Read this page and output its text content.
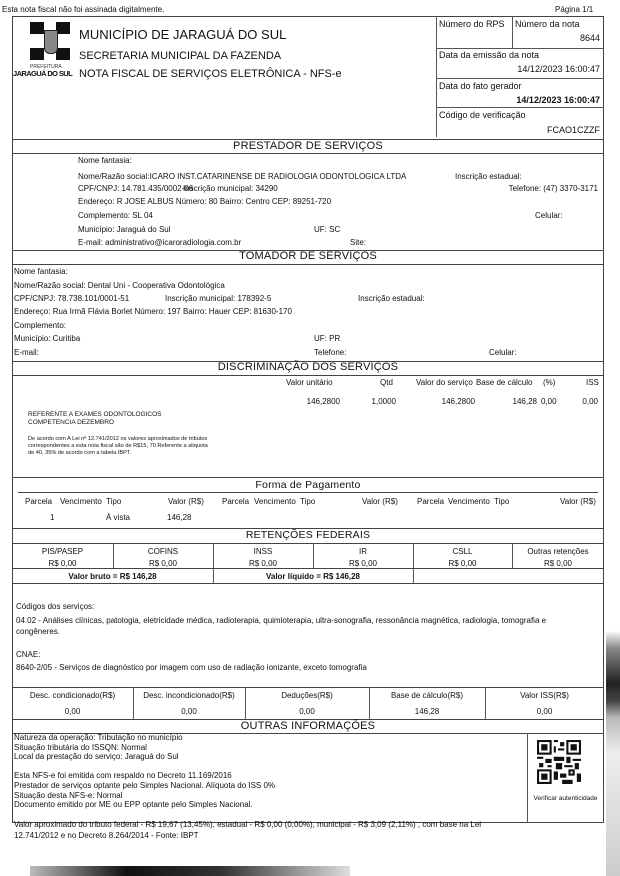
Esta nota fiscal não foi assinada digitalmente.	Página 1/1
PREFEITURA
JARAGUÁ DO SUL
MUNICÍPIO DE JARAGUÁ DO SUL
SECRETARIA MUNICIPAL DA FAZENDA
NOTA FISCAL DE SERVIÇOS ELETRÔNICA - NFS-e
Número do RPS Número da nota
8644
Data da emissão da nota
14/12/2023 16:00:47
Data do fato gerador
14/12/2023 16:00:47
Código de verificação
FCAO1CZZF
PRESTADOR DE SERVIÇOS
Nome fantasia:
Nome/Razão social:ICARO INST.CATARINENSE DE RADIOLOGIA ODONTOLOGICA LTDA	Inscrição estadual:
CPF/CNPJ: 14.781.435/0002-06
Inscrição municipal: 34290	Telefone: (47) 3370-3171
Endereço: R JOSE ALBUS Número: 80 Bairro: Centro CEP: 89251-720
Complemento: SL 04	Celular:
Município: Jaraguá do Sul	UF: SC
E-mail: administrativo@icaroradiologia.com.br	Site:
TOMADOR DE SERVIÇOS
Nome fantasia:
Nome/Razão social: Dental Uni - Cooperativa Odontológica
CPF/CNPJ: 78.738.101/0001-51	Inscrição municipal: 178392-5	Inscrição estadual:
Endereço: Rua Irmã Flávia Borlet Número: 197 Bairro: Hauer CEP: 81630-170
Complemento:
Município: Curitiba	UF: PR
E-mail:	Telefone:	Celular:
DISCRIMINAÇÃO DOS SERVIÇOS
Valor unitário	Qtd	Valor do serviço Base de cálculo (%)	ISS
146,2800	1,0000	146,2800	146,28 0,00	0,00
REFERENTE A EXAMES ODONTOLOGICOS
COMPETENCIA DEZEMBRO
De acordo com A Lei nº 12.741/2012 os valores aproximados de tributos
correspondentes a esta nota fiscal são de R$15, 70 Referente a aliquota
de 40, 35% de acordo com a tabela IBPT.
Forma de Pagamento
Parcela Vencimento Tipo	Valor (R$) Parcela Vencimento Tipo	Valor (R$) Parcela Vencimento Tipo	Valor (R$)
1	À vista	146,28
RETENÇÕES FEDERAIS
PIS/PASEP
R$ 0,00
COFINS
R$ 0,00
INSS
R$ 0,00
IR
R$ 0,00
CSLL
R$ 0,00
Outras retenções
R$ 0,00
Valor bruto = R$ 146,28	Valor líquido = R$ 146,28
Códigos dos serviços:
04.02 - Análises clínicas, patologia, eletricidade médica, radioterapia, quimioterapia, ultra-sonografia, ressonância magnética, radiologia, tomografia e
congêneres.
CNAE:
8640-2/05 - Serviços de diagnóstico por imagem com uso de radiação ionizante, exceto tomografia
Desc. condicionado(R$)
0,00
Desc. incondicionado(R$)
0,00
Deduções(R$)
0,00
Base de cálculo(R$)
146,28
Valor ISS(R$)
0,00
OUTRAS INFORMAÇÕES
Natureza da operação: Tributação no município
Situação tributária do ISSQN: Normal
Local da prestação do serviço: Jaraguá do Sul
Esta NFS-e foi emitida com respaldo no Decreto 11.169/2016
Prestador de serviços optante pelo Simples Nacional. Alíquota do ISS 0%
Situação desta NFS-e: Normal
Documento emitido por ME ou EPP optante pelo Simples Nacional.
Valor aproximado do tributo federal - R$ 19,67 (13,45%), estadual - R$ 0,00 (0,00%), municipal - R$ 3,09 (2,11%) , com base na Lei
12.741/2012 e no Decreto 8.264/2014 - Fonte: IBPT
Verificar autenticidade
